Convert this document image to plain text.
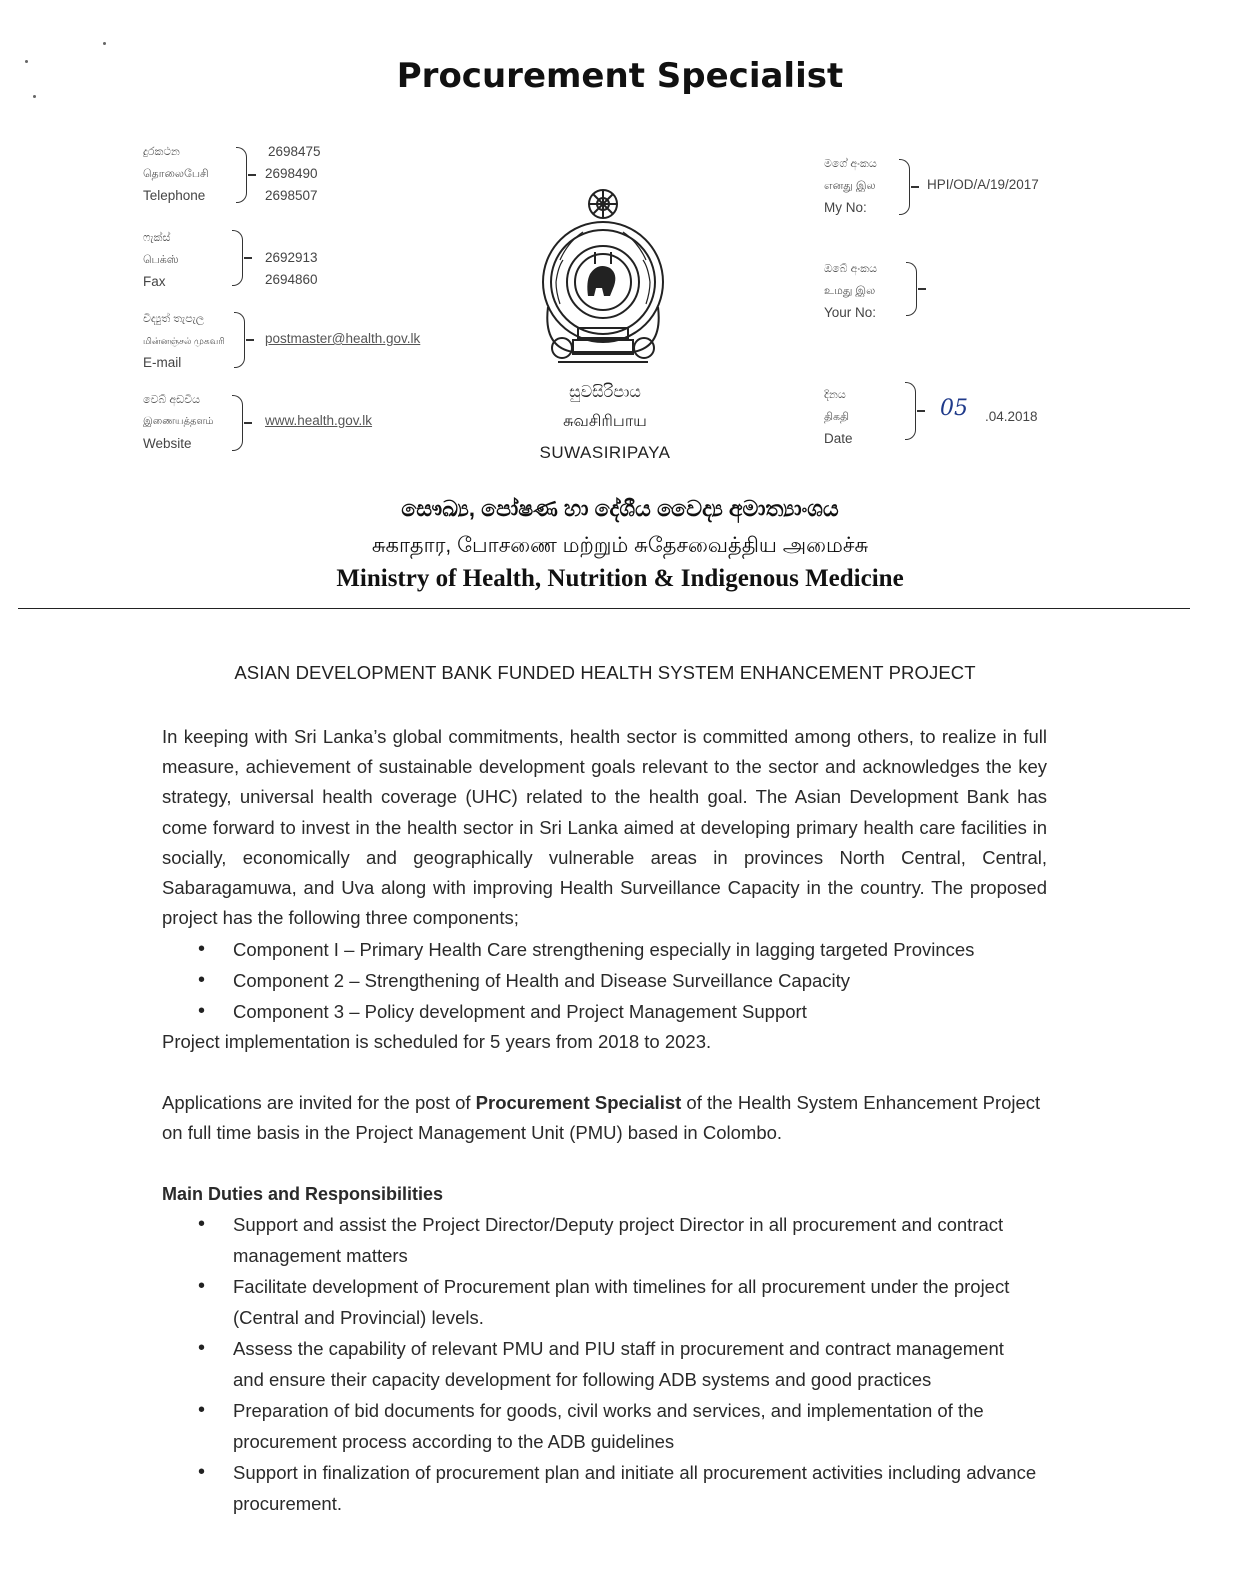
Procurement Specialist
දුරකථන
தொலைபேசி
Telephone
2698475
2698490
2698507
ෆැක්ස්
பெக்ஸ்
Fax
2692913
2694860
විද්‍යුත් තැපැල
மின்னஞ்சல் முகவரி
E-mail
postmaster@health.gov.lk
වෙබ් අඩවිය
இணையத்தளம்
Website
www.health.gov.lk
සුවසිරිපාය
சுவசிரிபாய
SUWASIRIPAYA
මගේ අංකය
எனது இல
My No:
HPI/OD/A/19/2017
ඔබේ අංකය
உமது இல
Your No:
දිනය
திகதி
Date
05 .04.2018
සෞඛ්‍ය, පෝෂණ හා දේශීය වෛද්‍ය අමාත්‍යාංශය
சுகாதார, போசணை மற்றும் சுதேசவைத்திய அமைச்சு
Ministry of Health, Nutrition & Indigenous Medicine
ASIAN DEVELOPMENT BANK FUNDED HEALTH SYSTEM ENHANCEMENT PROJECT

In keeping with Sri Lanka’s global commitments, health sector is committed among others, to realize in full measure, achievement of sustainable development goals relevant to the sector and acknowledges the key strategy, universal health coverage (UHC) related to the health goal. The Asian Development Bank has come forward to invest in the health sector in Sri Lanka aimed at developing primary health care facilities in socially, economically and geographically vulnerable areas in provinces North Central, Central, Sabaragamuwa, and Uva along with improving Health Surveillance Capacity in the country. The proposed project has the following three components;

• Component I – Primary Health Care strengthening especially in lagging targeted Provinces
• Component 2 – Strengthening of Health and Disease Surveillance Capacity
• Component 3 – Policy development and Project Management Support

Project implementation is scheduled for 5 years from 2018 to 2023.

Applications are invited for the post of Procurement Specialist of the Health System Enhancement Project on full time basis in the Project Management Unit (PMU) based in Colombo.

Main Duties and Responsibilities
• Support and assist the Project Director/Deputy project Director in all procurement and contract management matters
• Facilitate development of Procurement plan with timelines for all procurement under the project (Central and Provincial) levels.
• Assess the capability of relevant PMU and PIU staff in procurement and contract management and ensure their capacity development for following ADB systems and good practices
• Preparation of bid documents for goods, civil works and services, and implementation of the procurement process according to the ADB guidelines
• Support in finalization of procurement plan and initiate all procurement activities including advance procurement.
